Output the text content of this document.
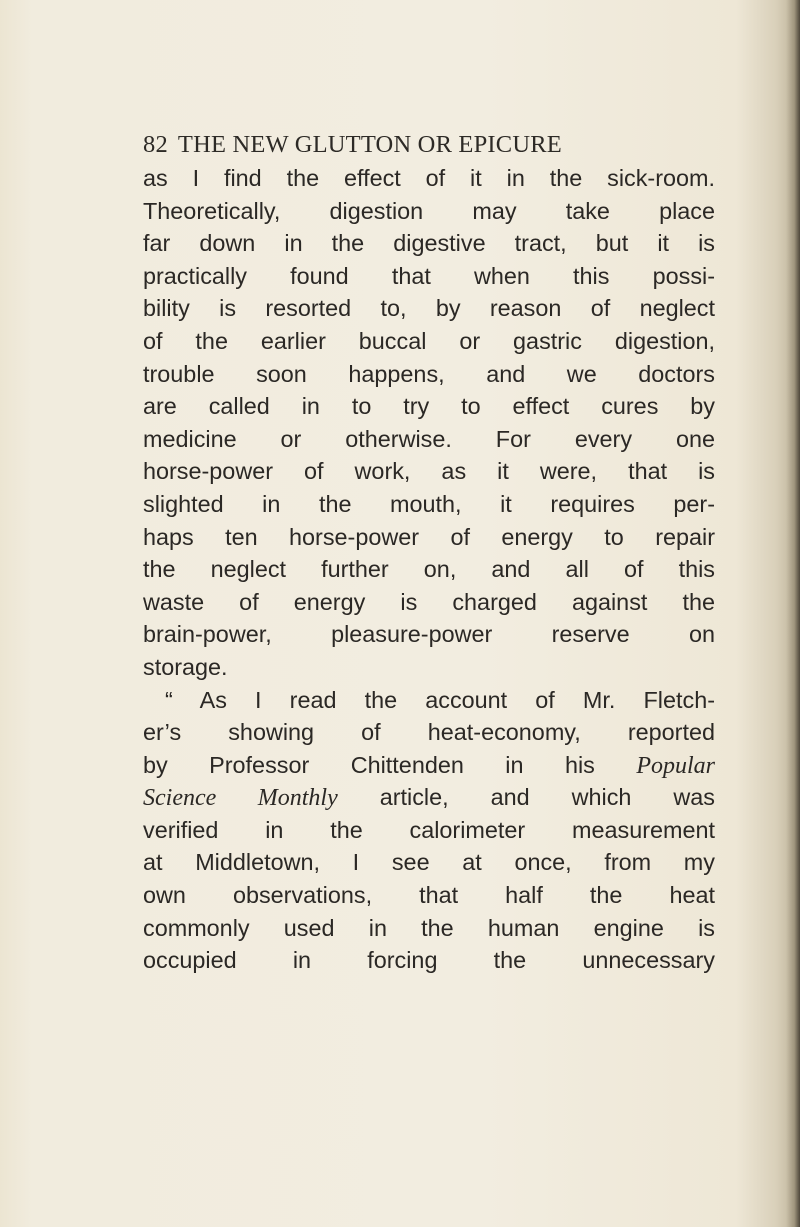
82 THE NEW GLUTTON OR EPICURE
as I find the effect of it in the sick-room.
Theoretically, digestion may take place
far down in the digestive tract, but it is
practically found that when this possi-
bility is resorted to, by reason of neglect
of the earlier buccal or gastric digestion,
trouble soon happens, and we doctors
are called in to try to effect cures by
medicine or otherwise. For every one
horse-power of work, as it were, that is
slighted in the mouth, it requires per-
haps ten horse-power of energy to repair
the neglect further on, and all of this
waste of energy is charged against the
brain-power, pleasure-power reserve on
storage.
“ As I read the account of Mr. Fletch-
er’s showing of heat-economy, reported
by Professor Chittenden in his Popular
Science Monthly article, and which was
verified in the calorimeter measurement
at Middletown, I see at once, from my
own observations, that half the heat
commonly used in the human engine is
occupied in forcing the unnecessary
